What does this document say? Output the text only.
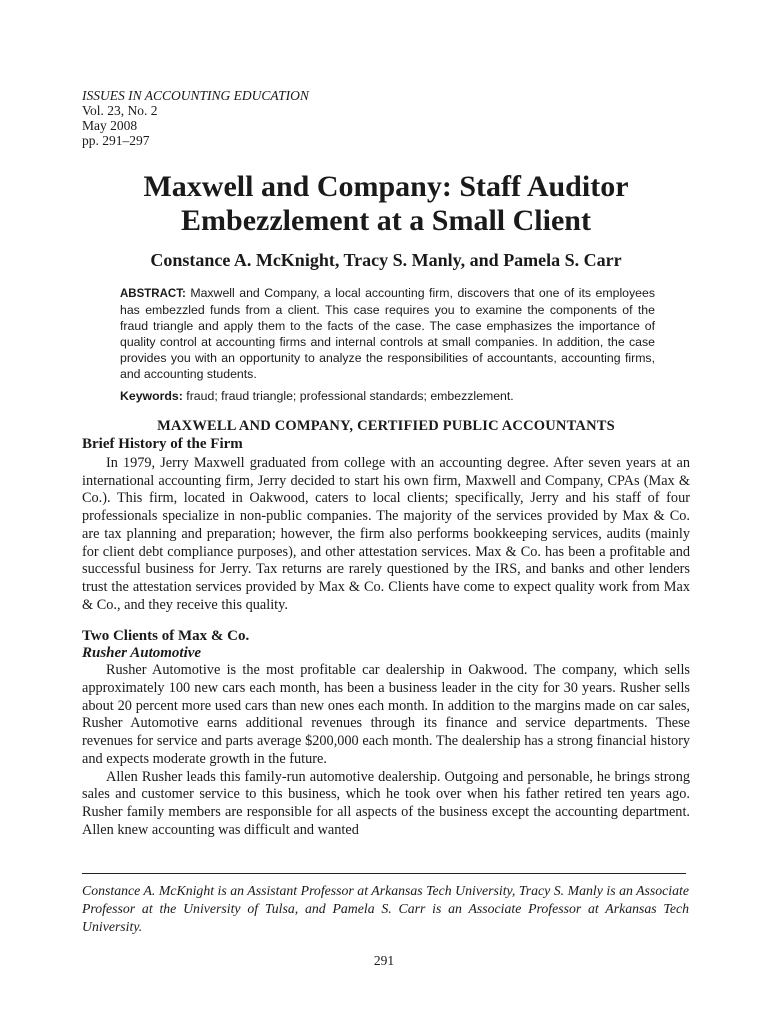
ISSUES IN ACCOUNTING EDUCATION
Vol. 23, No. 2
May 2008
pp. 291–297
Maxwell and Company: Staff Auditor
Embezzlement at a Small Client
Constance A. McKnight, Tracy S. Manly, and Pamela S. Carr
ABSTRACT: Maxwell and Company, a local accounting firm, discovers that one of its employees has embezzled funds from a client. This case requires you to examine the components of the fraud triangle and apply them to the facts of the case. The case emphasizes the importance of quality control at accounting firms and internal controls at small companies. In addition, the case provides you with an opportunity to analyze the responsibilities of accountants, accounting firms, and accounting students.
Keywords: fraud; fraud triangle; professional standards; embezzlement.
MAXWELL AND COMPANY, CERTIFIED PUBLIC ACCOUNTANTS
Brief History of the Firm

In 1979, Jerry Maxwell graduated from college with an accounting degree. After seven years at an international accounting firm, Jerry decided to start his own firm, Maxwell and Company, CPAs (Max & Co.). This firm, located in Oakwood, caters to local clients; specifically, Jerry and his staff of four professionals specialize in non-public companies. The majority of the services provided by Max & Co. are tax planning and preparation; however, the firm also performs bookkeeping services, audits (mainly for client debt compliance purposes), and other attestation services. Max & Co. has been a profitable and successful business for Jerry. Tax returns are rarely questioned by the IRS, and banks and other lenders trust the attestation services provided by Max & Co. Clients have come to expect quality work from Max & Co., and they receive this quality.

Two Clients of Max & Co.
Rusher Automotive

Rusher Automotive is the most profitable car dealership in Oakwood. The company, which sells approximately 100 new cars each month, has been a business leader in the city for 30 years. Rusher sells about 20 percent more used cars than new ones each month. In addition to the margins made on car sales, Rusher Automotive earns additional revenues through its finance and service departments. These revenues for service and parts average $200,000 each month. The dealership has a strong financial history and expects moderate growth in the future.

Allen Rusher leads this family-run automotive dealership. Outgoing and personable, he brings strong sales and customer service to this business, which he took over when his father retired ten years ago. Rusher family members are responsible for all aspects of the business except the accounting department. Allen knew accounting was difficult and wanted

Constance A. McKnight is an Assistant Professor at Arkansas Tech University, Tracy S. Manly is an Associate Professor at the University of Tulsa, and Pamela S. Carr is an Associate Professor at Arkansas Tech University.
291
